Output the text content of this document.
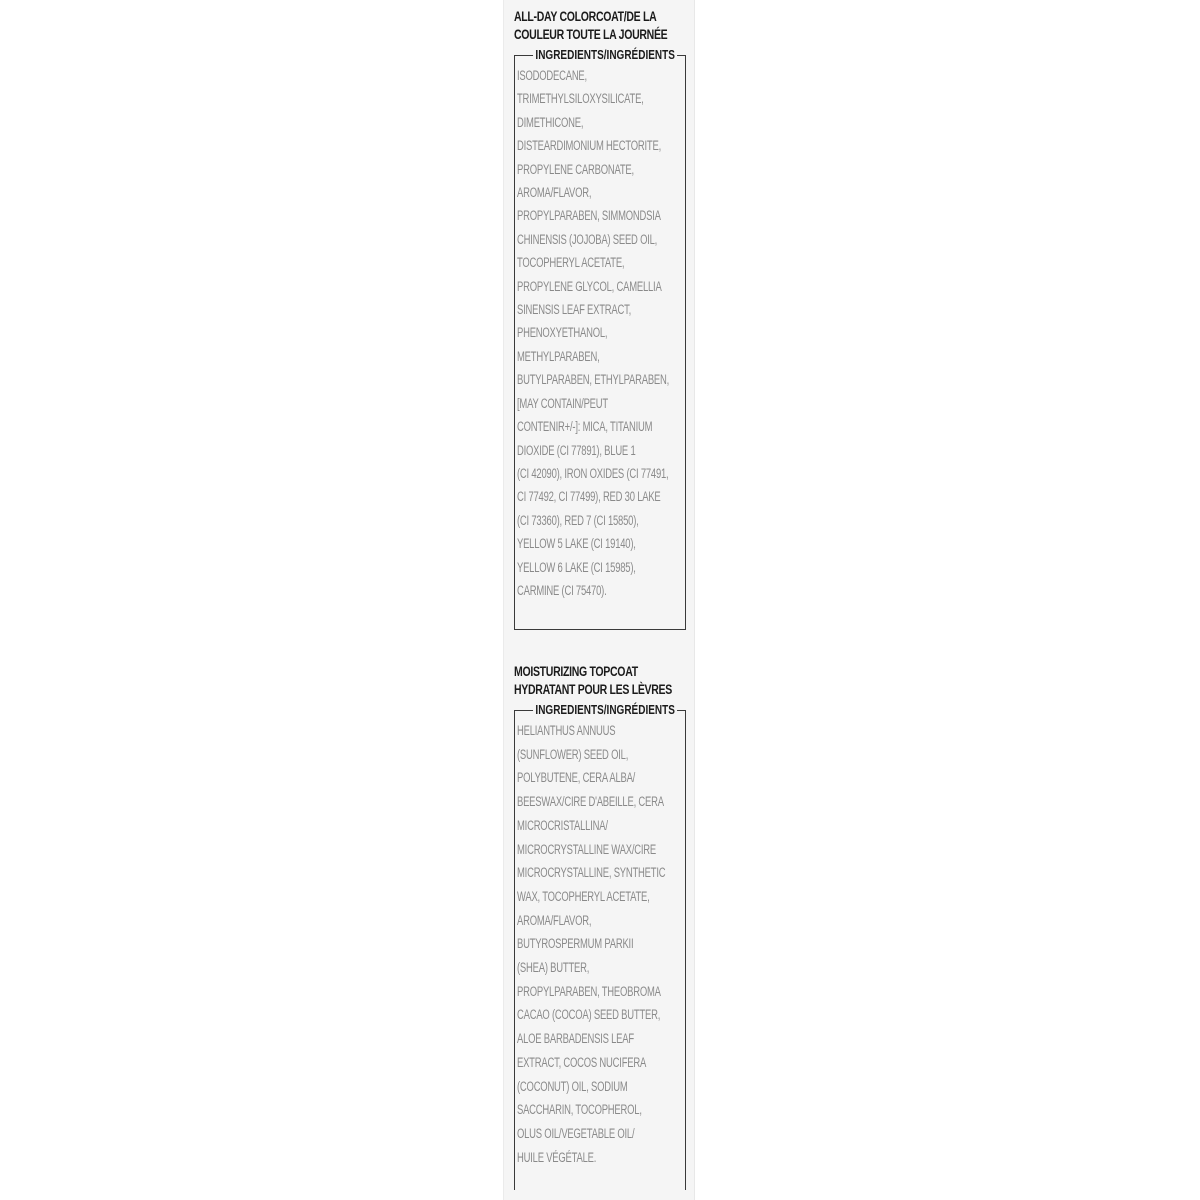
ALL-DAY COLORCOAT/DE LA
COULEUR TOUTE LA JOURNÉE
INGREDIENTS/INGRÉDIENTS
ISODODECANE,
TRIMETHYLSILOXYSILICATE,
DIMETHICONE,
DISTEARDIMONIUM HECTORITE,
PROPYLENE CARBONATE,
AROMA/FLAVOR,
PROPYLPARABEN, SIMMONDSIA
CHINENSIS (JOJOBA) SEED OIL,
TOCOPHERYL ACETATE,
PROPYLENE GLYCOL, CAMELLIA
SINENSIS LEAF EXTRACT,
PHENOXYETHANOL,
METHYLPARABEN,
BUTYLPARABEN, ETHYLPARABEN,
[MAY CONTAIN/PEUT
CONTENIR+/-]: MICA, TITANIUM
DIOXIDE (CI 77891), BLUE 1
(CI 42090), IRON OXIDES (CI 77491,
CI 77492, CI 77499), RED 30 LAKE
(CI 73360), RED 7 (CI 15850),
YELLOW 5 LAKE (CI 19140),
YELLOW 6 LAKE (CI 15985),
CARMINE (CI 75470).
MOISTURIZING TOPCOAT
HYDRATANT POUR LES LÈVRES
INGREDIENTS/INGRÉDIENTS
HELIANTHUS ANNUUS
(SUNFLOWER) SEED OIL,
POLYBUTENE, CERA ALBA/
BEESWAX/CIRE D'ABEILLE, CERA
MICROCRISTALLINA/
MICROCRYSTALLINE WAX/CIRE
MICROCRYSTALLINE, SYNTHETIC
WAX, TOCOPHERYL ACETATE,
AROMA/FLAVOR,
BUTYROSPERMUM PARKII
(SHEA) BUTTER,
PROPYLPARABEN, THEOBROMA
CACAO (COCOA) SEED BUTTER,
ALOE BARBADENSIS LEAF
EXTRACT, COCOS NUCIFERA
(COCONUT) OIL, SODIUM
SACCHARIN, TOCOPHEROL,
OLUS OIL/VEGETABLE OIL/
HUILE VÉGÉTALE.
